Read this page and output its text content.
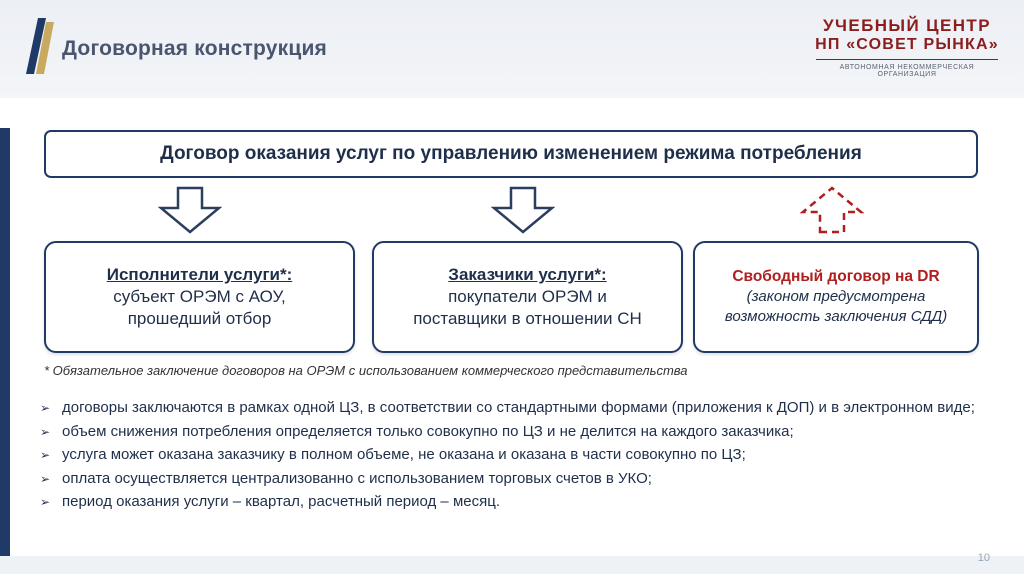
Договорная конструкция
УЧЕБНЫЙ ЦЕНТР
НП «СОВЕТ РЫНКА»
АВТОНОМНАЯ НЕКОММЕРЧЕСКАЯ ОРГАНИЗАЦИЯ
Договор оказания услуг по управлению изменением режима потребления
Исполнители услуги*:
субъект ОРЭМ с АОУ,
прошедший отбор
Заказчики услуги*:
покупатели ОРЭМ и
поставщики в отношении СН
Свободный договор на DR
(законом предусмотрена
возможность заключения СДД)
* Обязательное заключение договоров на ОРЭМ с использованием коммерческого представительства
➢ договоры заключаются в рамках одной ЦЗ, в соответствии со стандартными формами (приложения к ДОП) и в электронном виде;
➢ объем снижения потребления определяется только совокупно по ЦЗ и не делится на каждого заказчика;
➢ услуга может оказана заказчику в полном объеме, не оказана и оказана в части совокупно по ЦЗ;
➢ оплата осуществляется централизованно с использованием торговых счетов в УКО;
➢ период оказания услуги – квартал, расчетный период – месяц.
10
